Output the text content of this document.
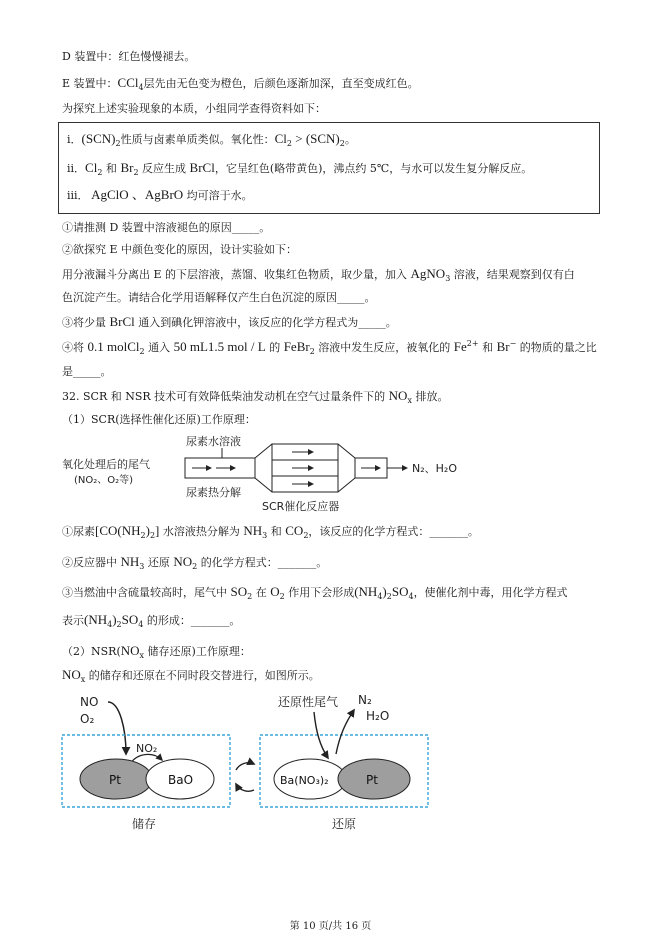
D 装置中：红色慢慢褪去。
E 装置中：CCl$_4$层先由无色变为橙色，后颜色逐渐加深，直至变成红色。
为探究上述实验现象的本质，小组同学查得资料如下：
i．$(SCN)_2$性质与卤素单质类似。氧化性：$Cl_2 > (SCN)_2$。
ii．$Cl_2$ 和 $Br_2$ 反应生成 BrCl，它呈红色(略带黄色)，沸点约 5℃，与水可以发生复分解反应。
iii． AgClO 、AgBrO 均可溶于水。
①请推测 D 装置中溶液褪色的原因_____。
②欲探究 E 中颜色变化的原因，设计实验如下：
用分液漏斗分离出 E 的下层溶液，蒸馏、收集红色物质，取少量，加入 AgNO$_3$ 溶液，结果观察到仅有白
色沉淀产生。请结合化学用语解释仅产生白色沉淀的原因_____。
③将少量 BrCl 通入到碘化钾溶液中，该反应的化学方程式为_____。
④将 0.1 molCl$_2$ 通入 50 mL1.5 mol / L 的 FeBr$_2$ 溶液中发生反应，被氧化的 $Fe^{2+}$ 和 Br− 的物质的量之比
是_____。
32. SCR 和 NSR 技术可有效降低柴油发动机在空气过量条件下的 $NO_x$ 排放。
（1）SCR(选择性催化还原)工作原理：
氧化处理后的尾气
(NO₂、O₂等)
尿素水溶液
尿素热分解
N₂、H₂O
SCR催化反应器
①尿素$[CO(NH_2)_2]$ 水溶液热分解为 $NH_3$ 和 $CO_2$，该反应的化学方程式：_______。
②反应器中 $NH_3$ 还原 $NO_2$ 的化学方程式：_______。
③当燃油中含硫量较高时，尾气中 $SO_2$ 在 $O_2$ 作用下会形成$(NH_4)_2SO_4$，使催化剂中毒，用化学方程式
表示$(NH_4)_2SO_4$ 的形成：_______。
$(2)NSR(NO_x$ 储存还原)工作原理：
$NO_x$ 的储存和还原在不同时段交替进行，如图所示。
NO
O₂
NO₂
Pt	BaO
储存
还原性尾气 N₂
H₂O
Ba(NO₃)₂	Pt
还原
第 10 页/共 16 页
